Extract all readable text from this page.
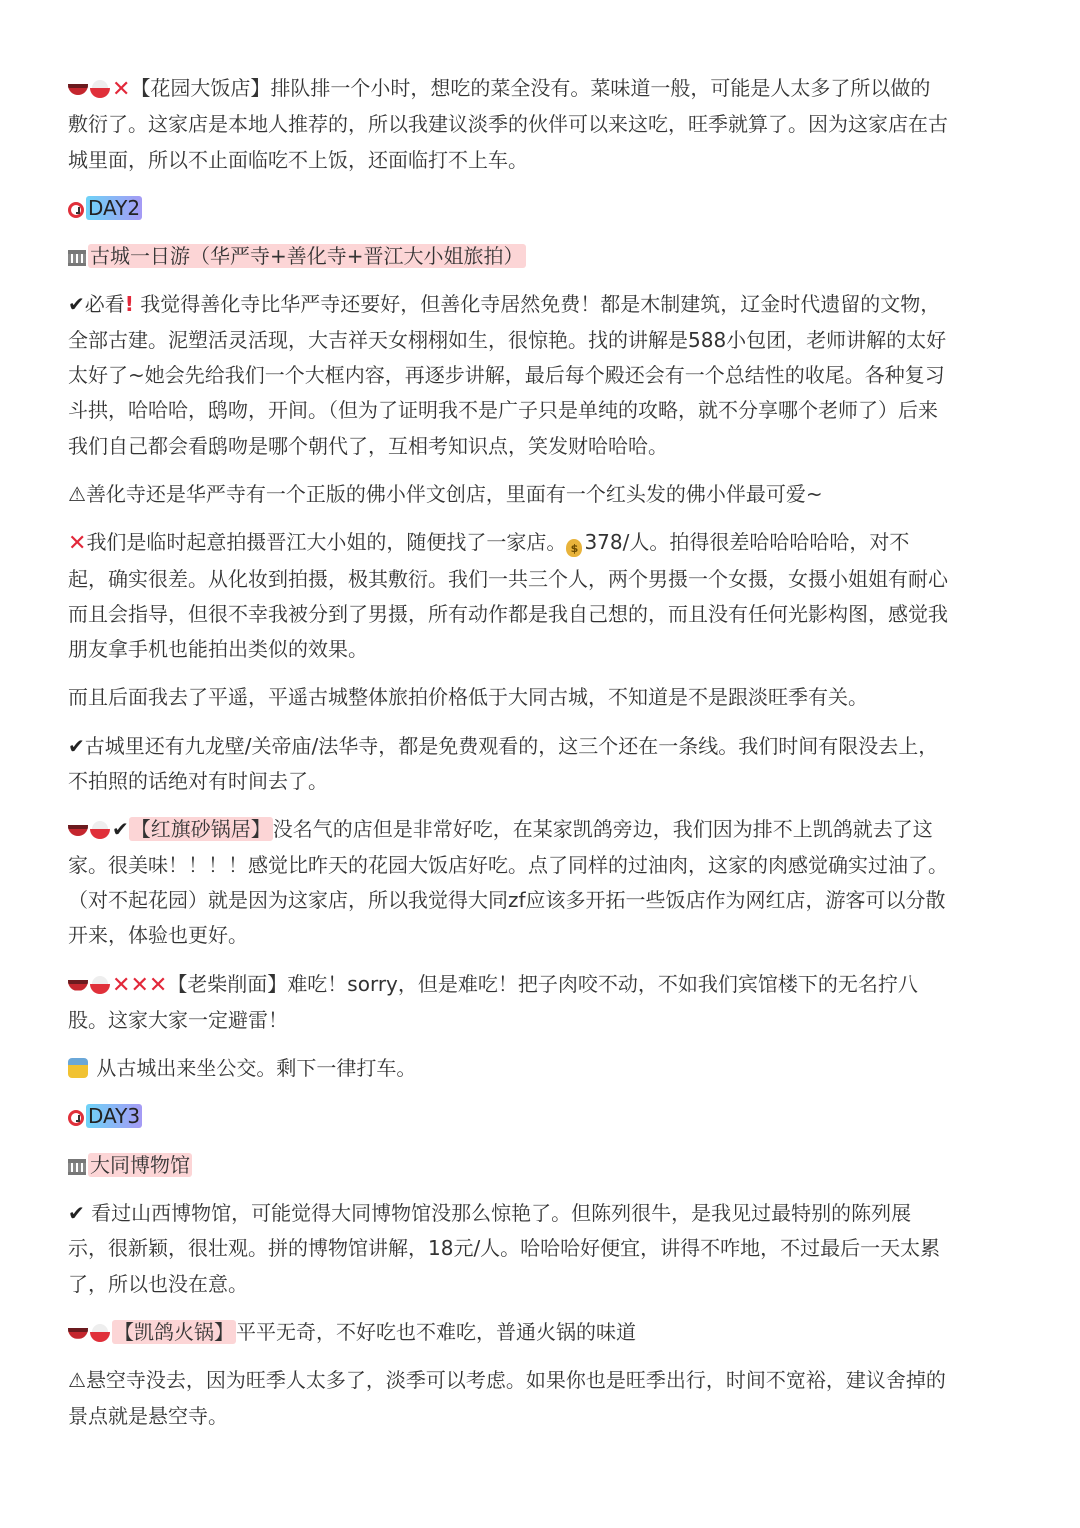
✕【花园大饭店】排队排一个小时，想吃的菜全没有。菜味道一般，可能是人太多了所以做的
敷衍了。这家店是本地人推荐的，所以我建议淡季的伙伴可以来这吃，旺季就算了。因为这家店在古
城里面，所以不止面临吃不上饭，还面临打不上车。
DAY2
古城一日游（华严寺+善化寺+晋江大小姐旅拍）
✔必看! 我觉得善化寺比华严寺还要好，但善化寺居然免费！都是木制建筑，辽金时代遗留的文物，
全部古建。泥塑活灵活现，大吉祥天女栩栩如生，很惊艳。找的讲解是588小包团，老师讲解的太好
太好了~她会先给我们一个大框内容，再逐步讲解，最后每个殿还会有一个总结性的收尾。各种复习
斗拱，哈哈哈，鸱吻，开间。（但为了证明我不是广子只是单纯的攻略，就不分享哪个老师了）后来
我们自己都会看鸱吻是哪个朝代了，互相考知识点，笑发财哈哈哈。
⚠善化寺还是华严寺有一个正版的佛小伴文创店，里面有一个红头发的佛小伴最可爱~
✕我们是临时起意拍摄晋江大小姐的，随便找了一家店。 $ 378/人。拍得很差哈哈哈哈哈，对不
起，确实很差。从化妆到拍摄，极其敷衍。我们一共三个人，两个男摄一个女摄，女摄小姐姐有耐心
而且会指导，但很不幸我被分到了男摄，所有动作都是我自己想的，而且没有任何光影构图，感觉我
朋友拿手机也能拍出类似的效果。
而且后面我去了平遥，平遥古城整体旅拍价格低于大同古城，不知道是不是跟淡旺季有关。
✔古城里还有九龙壁/关帝庙/法华寺，都是免费观看的，这三个还在一条线。我们时间有限没去上，
不拍照的话绝对有时间去了。
✔ 【红旗砂锅居】 没名气的店但是非常好吃，在某家凯鸽旁边，我们因为排不上凯鸽就去了这
家。很美味！！！！感觉比昨天的花园大饭店好吃。点了同样的过油肉，这家的肉感觉确实过油了。
（对不起花园）就是因为这家店，所以我觉得大同zf应该多开拓一些饭店作为网红店，游客可以分散
开来，体验也更好。
✕✕✕【老柴削面】难吃！sorry，但是难吃！把子肉咬不动，不如我们宾馆楼下的无名拧八
股。这家大家一定避雷！
从古城出来坐公交。剩下一律打车。
DAY3
大同博物馆
✔ 看过山西博物馆，可能觉得大同博物馆没那么惊艳了。但陈列很牛，是我见过最特别的陈列展
示，很新颖，很壮观。拼的博物馆讲解，18元/人。哈哈哈好便宜，讲得不咋地，不过最后一天太累
了，所以也没在意。
【凯鸽火锅】 平平无奇，不好吃也不难吃，普通火锅的味道
⚠悬空寺没去，因为旺季人太多了，淡季可以考虑。如果你也是旺季出行，时间不宽裕，建议舍掉的
景点就是悬空寺。
